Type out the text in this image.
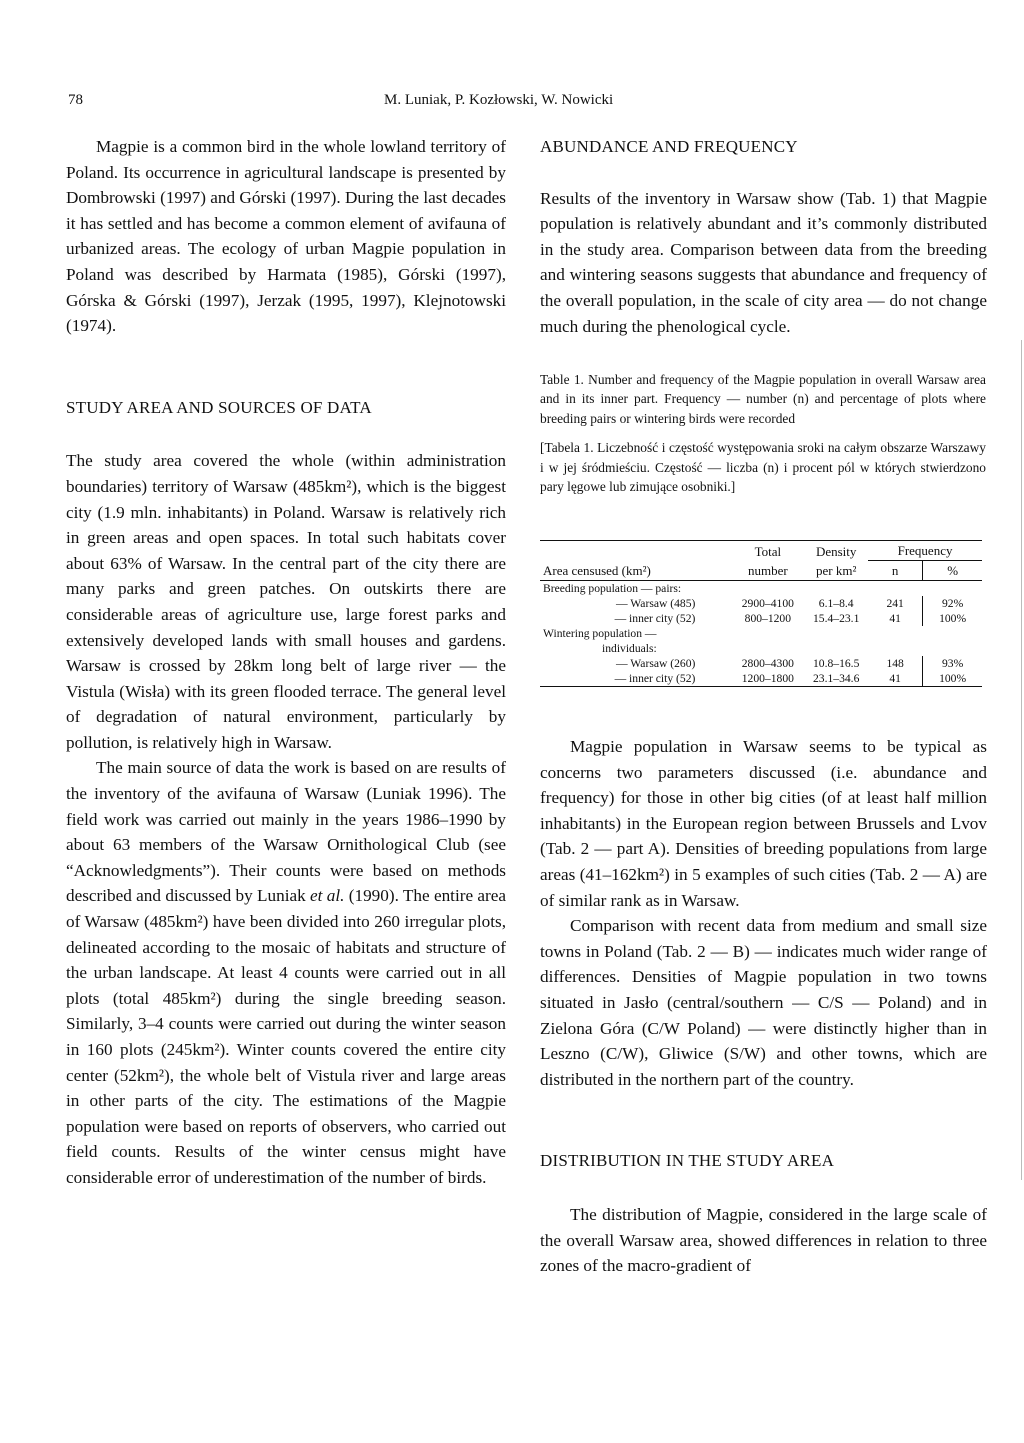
78	M. Luniak, P. Kozłowski, W. Nowicki

Magpie is a common bird in the whole lowland territory of Poland. Its occurrence in agricultural landscape is presented by Dombrowski (1997) and Górski (1997). During the last decades it has settled and has become a common element of avifauna of urbanized areas. The ecology of urban Magpie population in Poland was described by Harmata (1985), Górski (1997), Górska & Górski (1997), Jerzak (1995, 1997), Klejnotowski (1974).

STUDY AREA AND SOURCES OF DATA

The study area covered the whole (within administration boundaries) territory of Warsaw (485km²), which is the biggest city (1.9 mln. inhabitants) in Poland. Warsaw is relatively rich in green areas and open spaces. In total such habitats cover about 63% of Warsaw. In the central part of the city there are many parks and green patches. On outskirts there are considerable areas of agriculture use, large forest parks and extensively developed lands with small houses and gardens. Warsaw is crossed by 28km long belt of large river — the Vistula (Wisła) with its green flooded terrace. The general level of degradation of natural environment, particularly by pollution, is relatively high in Warsaw.

The main source of data the work is based on are results of the inventory of the avifauna of Warsaw (Luniak 1996). The field work was carried out mainly in the years 1986–1990 by about 63 members of the Warsaw Ornithological Club (see “Acknowledgments”). Their counts were based on methods described and discussed by Luniak et al. (1990). The entire area of Warsaw (485km²) have been divided into 260 irregular plots, delineated according to the mosaic of habitats and structure of the urban landscape. At least 4 counts were carried out in all plots (total 485km²) during the single breeding season. Similarly, 3–4 counts were carried out during the winter season in 160 plots (245km²). Winter counts covered the entire city center (52km²), the whole belt of Vistula river and large areas in other parts of the city. The estimations of the Magpie population were based on reports of observers, who carried out field counts. Results of the winter census might have considerable error of underestimation of the number of birds.

ABUNDANCE AND FREQUENCY

Results of the inventory in Warsaw show (Tab. 1) that Magpie population is relatively abundant and it’s commonly distributed in the study area. Comparison between data from the breeding and wintering seasons suggests that abundance and frequency of the overall population, in the scale of city area — do not change much during the phenological cycle.

Table 1. Number and frequency of the Magpie population in overall Warsaw area and in its inner part. Frequency — number (n) and percentage of plots where breeding pairs or wintering birds were recorded

[Tabela 1. Liczebność i częstość występowania sroki na całym obszarze Warszawy i w jej śródmieściu. Częstość — liczba (n) i procent pól w których stwierdzono pary lęgowe lub zimujące osobniki.]

	Total	Density	Frequency	
Area censused (km²)	number	per km²	n	%
Breeding population — pairs:				
— Warsaw (485)	2900–4100	6.1–8.4	241	92%
— inner city (52)	800–1200	15.4–23.1	41	100%
Wintering population —				
individuals:				
— Warsaw (260)	2800–4300	10.8–16.5	148	93%
— inner city (52)	1200–1800	23.1–34.6	41	100%

Magpie population in Warsaw seems to be typical as concerns two parameters discussed (i.e. abundance and frequency) for those in other big cities (of at least half million inhabitants) in the European region between Brussels and Lvov (Tab. 2 — part A). Densities of breeding populations from large areas (41–162km²) in 5 examples of such cities (Tab. 2 — A) are of similar rank as in Warsaw.

Comparison with recent data from medium and small size towns in Poland (Tab. 2 — B) — indicates much wider range of differences. Densities of Magpie population in two towns situated in Jasło (central/southern — C/S — Poland) and in Zielona Góra (C/W Poland) — were distinctly higher than in Leszno (C/W), Gliwice (S/W) and other towns, which are distributed in the northern part of the country.

DISTRIBUTION IN THE STUDY AREA

The distribution of Magpie, considered in the large scale of the overall Warsaw area, showed differences in relation to three zones of the macro-gradient of
